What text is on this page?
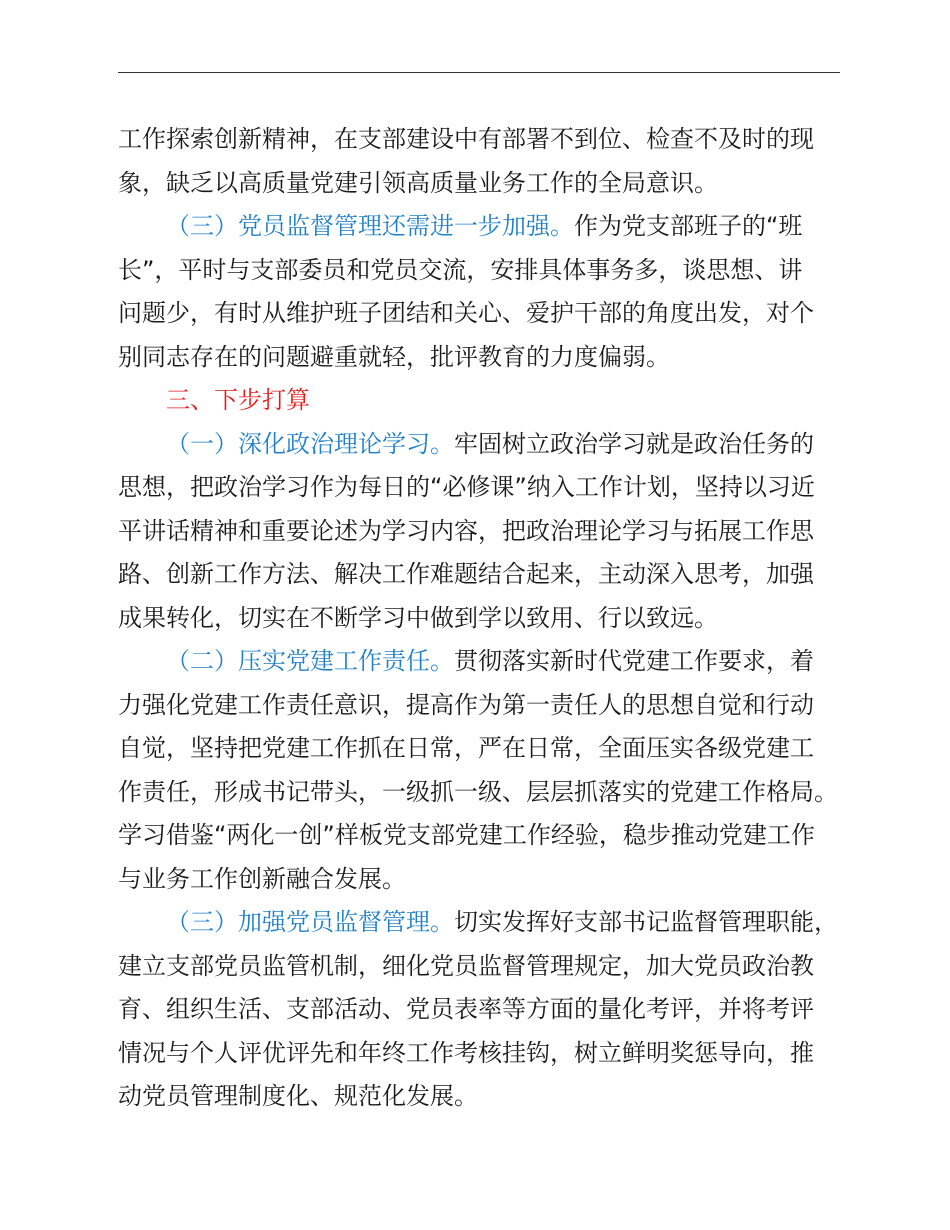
工作探索创新精神，在支部建设中有部署不到位、检查不及时的现
象，缺乏以高质量党建引领高质量业务工作的全局意识。
（三）党员监督管理还需进一步加强。作为党支部班子的“班
长”，平时与支部委员和党员交流，安排具体事务多，谈思想、讲
问题少，有时从维护班子团结和关心、爱护干部的角度出发，对个
别同志存在的问题避重就轻，批评教育的力度偏弱。
三、下步打算
（一）深化政治理论学习。牢固树立政治学习就是政治任务的
思想，把政治学习作为每日的“必修课”纳入工作计划，坚持以习近
平讲话精神和重要论述为学习内容，把政治理论学习与拓展工作思
路、创新工作方法、解决工作难题结合起来，主动深入思考，加强
成果转化，切实在不断学习中做到学以致用、行以致远。
（二）压实党建工作责任。贯彻落实新时代党建工作要求，着
力强化党建工作责任意识，提高作为第一责任人的思想自觉和行动
自觉，坚持把党建工作抓在日常，严在日常，全面压实各级党建工
作责任，形成书记带头，一级抓一级、层层抓落实的党建工作格局。
学习借鉴“两化一创”样板党支部党建工作经验，稳步推动党建工作
与业务工作创新融合发展。
（三）加强党员监督管理。切实发挥好支部书记监督管理职能，
建立支部党员监管机制，细化党员监督管理规定，加大党员政治教
育、组织生活、支部活动、党员表率等方面的量化考评，并将考评
情况与个人评优评先和年终工作考核挂钩，树立鲜明奖惩导向，推
动党员管理制度化、规范化发展。
